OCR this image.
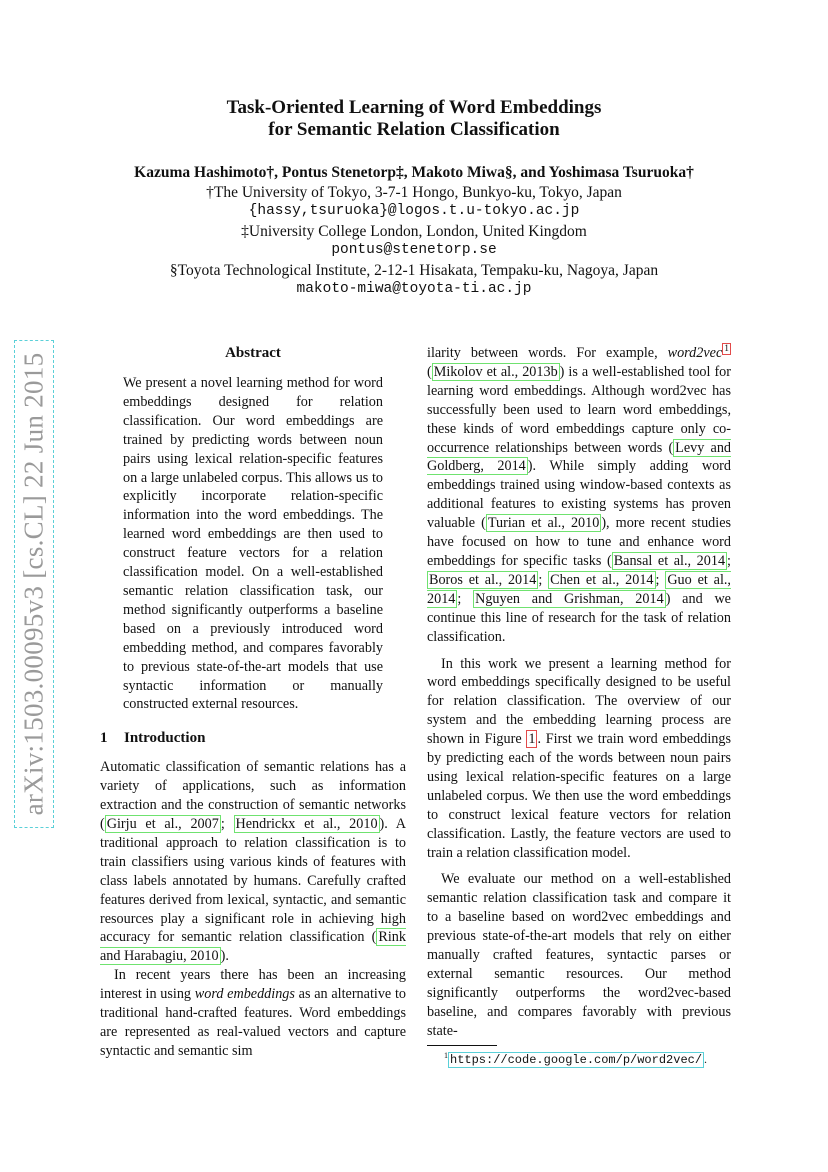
Task-Oriented Learning of Word Embeddings
for Semantic Relation Classification
Kazuma Hashimoto†, Pontus Stenetorp‡, Makoto Miwa§, and Yoshimasa Tsuruoka†
†The University of Tokyo, 3-7-1 Hongo, Bunkyo-ku, Tokyo, Japan
{hassy,tsuruoka}@logos.t.u-tokyo.ac.jp
‡University College London, London, United Kingdom
pontus@stenetorp.se
§Toyota Technological Institute, 2-12-1 Hisakata, Tempaku-ku, Nagoya, Japan
makoto-miwa@toyota-ti.ac.jp
arXiv:1503.00095v3 [cs.CL] 22 Jun 2015	Abstract

We present a novel learning method for word embeddings designed for relation classification. Our word embeddings are trained by predicting words between noun pairs using lexical relation-specific features on a large unlabeled corpus. This allows us to explicitly incorporate relation-specific information into the word embeddings. The learned word embeddings are then used to construct feature vectors for a relation classification model. On a well-established semantic relation classification task, our method significantly outperforms a baseline based on a previously introduced word embedding method, and compares favorably to previous state-of-the-art models that use syntactic information or manually constructed external resources.

1 Introduction

Automatic classification of semantic relations has a variety of applications, such as information extraction and the construction of semantic networks ( Girju et al., 2007 ; Hendrickx et al., 2010 ). A traditional approach to relation classification is to train classifiers using various kinds of features with class labels annotated by humans. Carefully crafted features derived from lexical, syntactic, and semantic resources play a significant role in achieving high accuracy for semantic relation classification ( Rink and Harabagiu, 2010 ).

In recent years there has been an increasing interest in using word embeddings as an alternative to traditional hand-crafted features. Word embeddings are represented as real-valued vectors and capture syntactic and semantic sim

ilarity between words. For example, word2vec $^1$ ( Mikolov et al., 2013b ) is a well-established tool for learning word embeddings. Although word2vec has successfully been used to learn word embeddings, these kinds of word embeddings capture only co-occurrence relationships between words ( Levy and Goldberg, 2014 ). While simply adding word embeddings trained using window-based contexts as additional features to existing systems has proven valuable ( Turian et al., 2010 ), more recent studies have focused on how to tune and enhance word embeddings for specific tasks ( Bansal et al., 2014 ; Boros et al., 2014 ; Chen et al., 2014 ; Guo et al., 2014 ; Nguyen and Grishman, 2014 ) and we continue this line of research for the task of relation classification.

In this work we present a learning method for word embeddings specifically designed to be useful for relation classification. The overview of our system and the embedding learning process are shown in Figure 1 . First we train word embeddings by predicting each of the words between noun pairs using lexical relation-specific features on a large unlabeled corpus. We then use the word embeddings to construct lexical feature vectors for relation classification. Lastly, the feature vectors are used to train a relation classification model.

We evaluate our method on a well-established semantic relation classification task and compare it to a baseline based on word2vec embeddings and previous state-of-the-art models that rely on either manually crafted features, syntactic parses or external semantic resources. Our method significantly outperforms the word2vec-based baseline, and compares favorably with previous state-

$^1$ https://code.google.com/p/word2vec/ .
